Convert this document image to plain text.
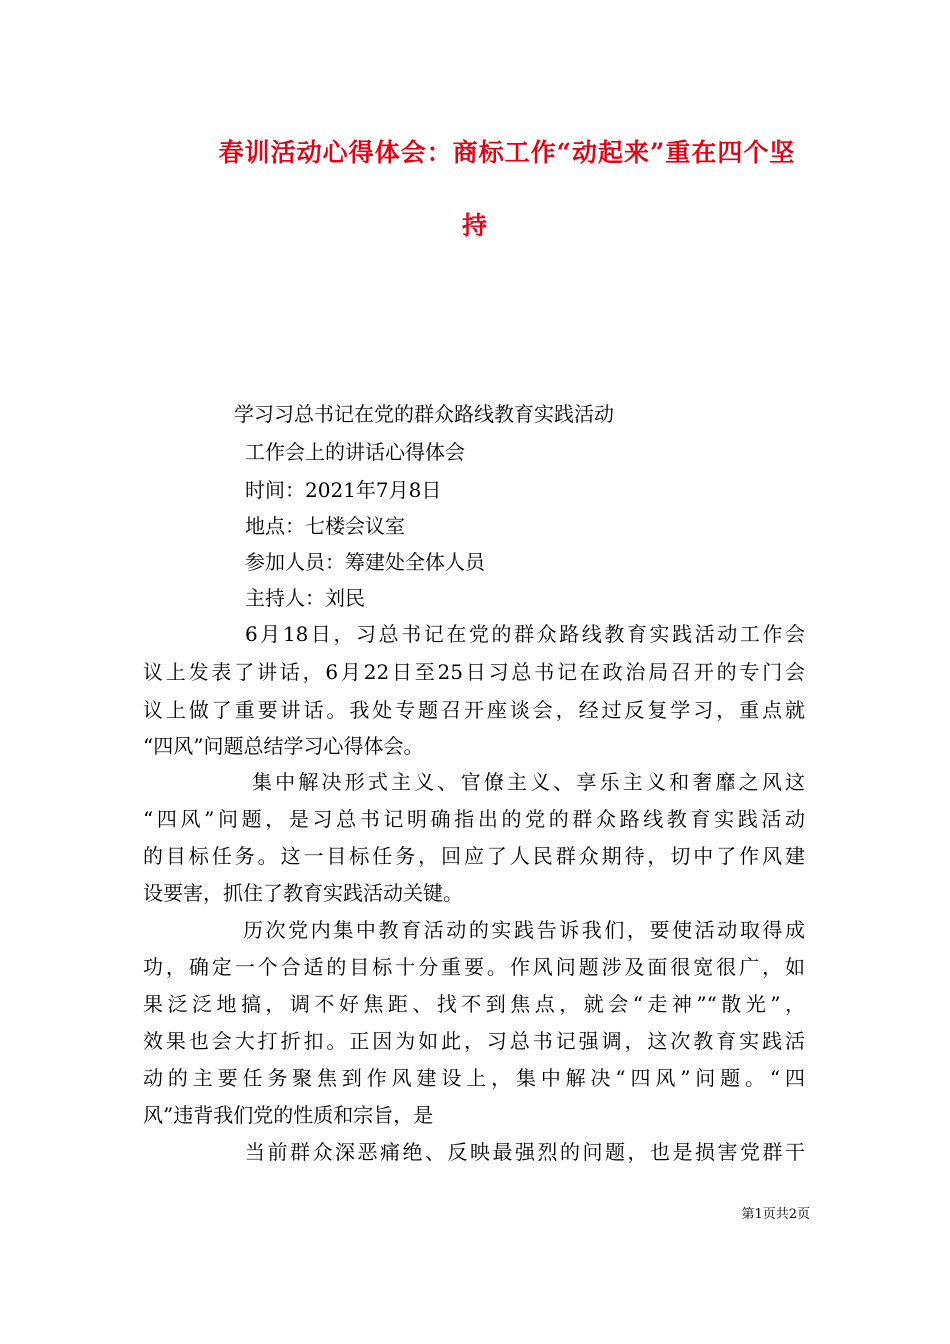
春训活动心得体会：商标工作“动起来”重在四个坚
持
学习习总书记在党的群众路线教育实践活动
工作会上的讲话心得体会
时间：2021年7月8日
地点：七楼会议室
参加人员：筹建处全体人员
主持人：刘民
6月18日，习总书记在党的群众路线教育实践活动工作会
议上发表了讲话，6月22日至25日习总书记在政治局召开的专门会
议上做了重要讲话。我处专题召开座谈会，经过反复学习，重点就
“四风”问题总结学习心得体会。
集中解决形式主义、官僚主义、享乐主义和奢靡之风这
“四风”问题，是习总书记明确指出的党的群众路线教育实践活动
的目标任务。这一目标任务，回应了人民群众期待，切中了作风建
设要害，抓住了教育实践活动关键。
历次党内集中教育活动的实践告诉我们，要使活动取得成
功，确定一个合适的目标十分重要。作风问题涉及面很宽很广，如
果泛泛地搞，调不好焦距、找不到焦点，就会“走神”“散光”，
效果也会大打折扣。正因为如此，习总书记强调，这次教育实践活
动的主要任务聚焦到作风建设上，集中解决“四风”问题。“四
风”违背我们党的性质和宗旨，是
当前群众深恶痛绝、反映最强烈的问题，也是损害党群干
第1页共2页
